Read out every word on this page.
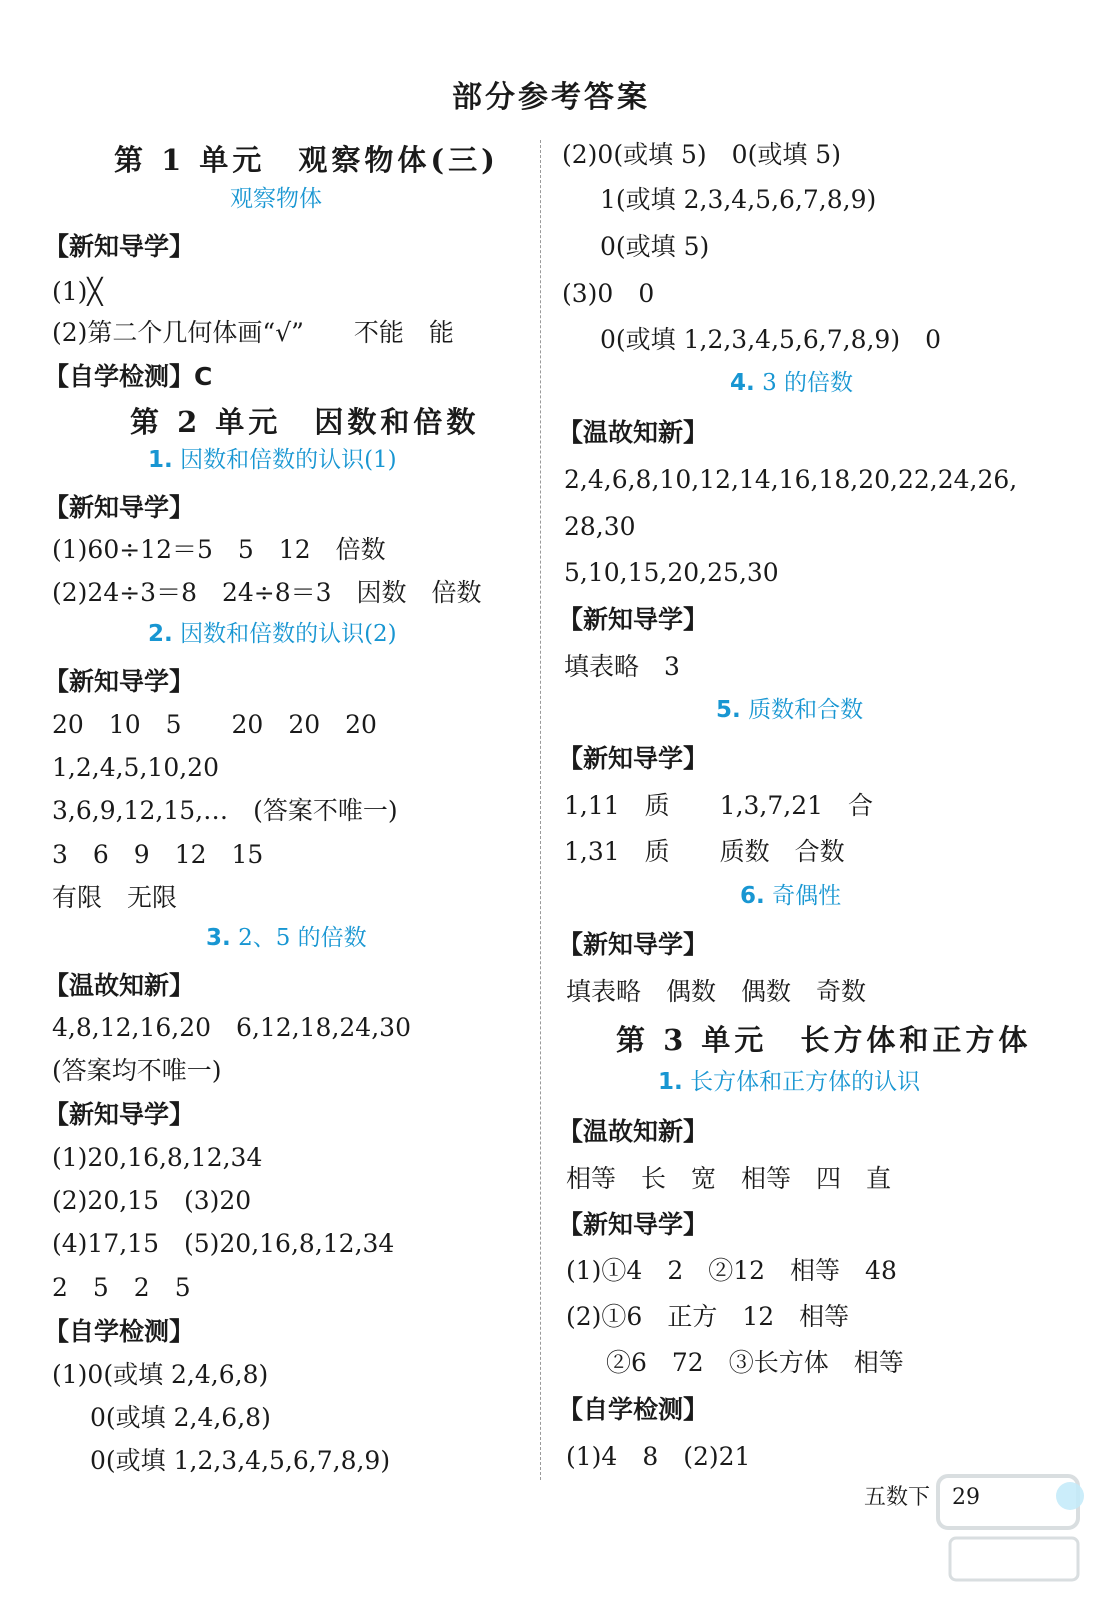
部分参考答案
第 1 单元　观察物体(三)
观察物体
【新知导学】
(1)╳
(2)第二个几何体画“√”　　不能　能
【自学检测】C
第 2 单元　因数和倍数
1. 因数和倍数的认识(1)
【新知导学】
(1)60÷12＝5　5　12　倍数
(2)24÷3＝8　24÷8＝3　因数　倍数
2. 因数和倍数的认识(2)
【新知导学】
20　10　5　　20　20　20
1,2,4,5,10,20
3,6,9,12,15,…　(答案不唯一)
3　6　9　12　15
有限　无限
3. 2、5 的倍数
【温故知新】
4,8,12,16,20　6,12,18,24,30
(答案均不唯一)
【新知导学】
(1)20,16,8,12,34
(2)20,15　(3)20
(4)17,15　(5)20,16,8,12,34
2　5　2　5
【自学检测】
(1)0(或填 2,4,6,8)
0(或填 2,4,6,8)
0(或填 1,2,3,4,5,6,7,8,9)
(2)0(或填 5)　0(或填 5)
1(或填 2,3,4,5,6,7,8,9)
0(或填 5)
(3)0　0
0(或填 1,2,3,4,5,6,7,8,9)　0
4. 3 的倍数
【温故知新】
2,4,6,8,10,12,14,16,18,20,22,24,26,
28,30
5,10,15,20,25,30
【新知导学】
填表略　3
5. 质数和合数
【新知导学】
1,11　质　　1,3,7,21　合
1,31　质　　质数　合数
6. 奇偶性
【新知导学】
填表略　偶数　偶数　奇数
第 3 单元　长方体和正方体
1. 长方体和正方体的认识
【温故知新】
相等　长　宽　相等　四　直
【新知导学】
(1)①4　2　②12　相等　48
(2)①6　正方　12　相等
②6　72　③长方体　相等
【自学检测】
(1)4　8　(2)21
五数下 29
